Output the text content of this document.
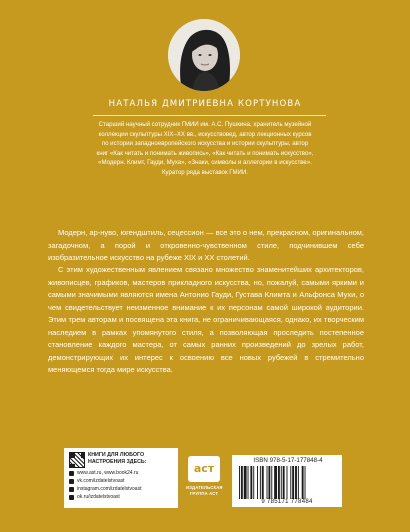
НАТАЛЬЯ ДМИТРИЕВНА КОРТУНОВА
Старший научный сотрудник ГМИИ им. А.С. Пушкина, хранитель музейной
коллекции скульптуры XIX–XX вв., искусствовед, автор лекционных курсов
по истории западноевропейского искусства и истории скульптуры, автор
книг «Как читать и понимать живопись», «Как читать и понимать искусство»,
«Модерн. Климт, Гауди, Муха», «Знаки, символы и аллегории в искусстве».
Куратор ряда выставок ГМИИ.

Модерн, ар-нуво, югендштиль, сецессион — все это о нем, прекрасном, оригинальном, загадочном, а порой и откровенно-чувственном стиле, подчинившем себе изобразительное искусство на рубеже XIX и XX столетий.

С этим художественным явлением связано множество знаменитейших архитекторов, живописцев, графиков, мастеров прикладного искусства, но, пожалуй, самыми яркими и самыми значимыми являются имена Антонио Гауди, Густава Климта и Альфонса Мухи, о чем свидетельствует неизменное внимание к их персонам самой широкой аудитории. Этим трем авторам и посвящена эта книга, не ограничивающаяся, однако, их творческим наследием в рамках упомянутого стиля, а позволяющая проследить постепенное становление каждого мастера, от самых ранних произведений до зрелых работ, демонстрирующих их интерес к освоению все новых рубежей в стремительно меняющемся тогда мире искусства.

КНИГИ ДЛЯ ЛЮБОГО
НАСТРОЕНИЯ ЗДЕСЬ:
www.ast.ru, www.book24.ru
vk.com/izdatelstvoast
instagram.com/izdatelstvoast
ok.ru/izdatelstvoast
аст
ИЗДАТЕЛЬСКАЯ
ГРУППА АСТ
ISBN 978-5-17-177848-4
9 785171 778484
